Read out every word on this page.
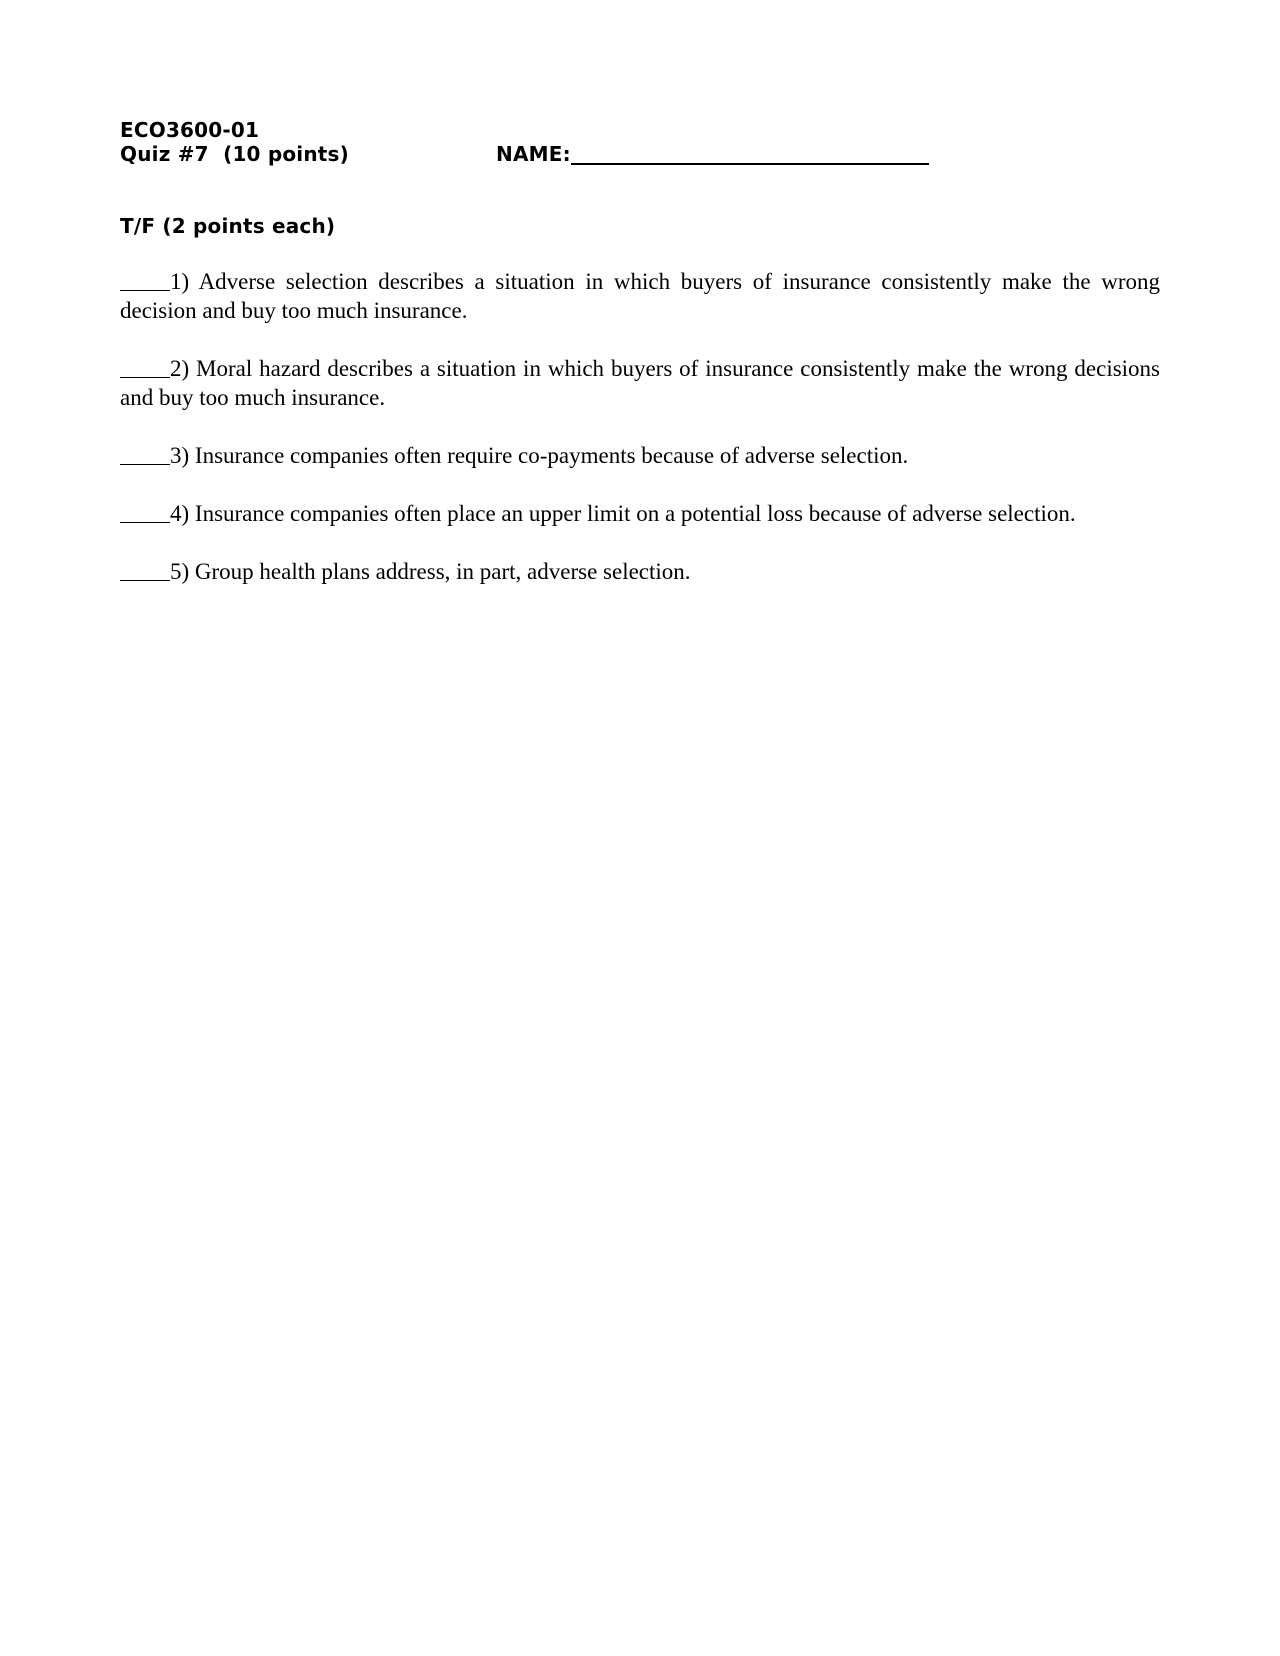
ECO3600-01
Quiz #7  (10 points)	NAME:
T/F (2 points each)

1) Adverse selection describes a situation in which buyers of insurance consistently make the wrong decision and buy too much insurance.

2) Moral hazard describes a situation in which buyers of insurance consistently make the wrong decisions and buy too much insurance.

3) Insurance companies often require co-payments because of adverse selection.

4) Insurance companies often place an upper limit on a potential loss because of adverse selection.

5) Group health plans address, in part, adverse selection.
